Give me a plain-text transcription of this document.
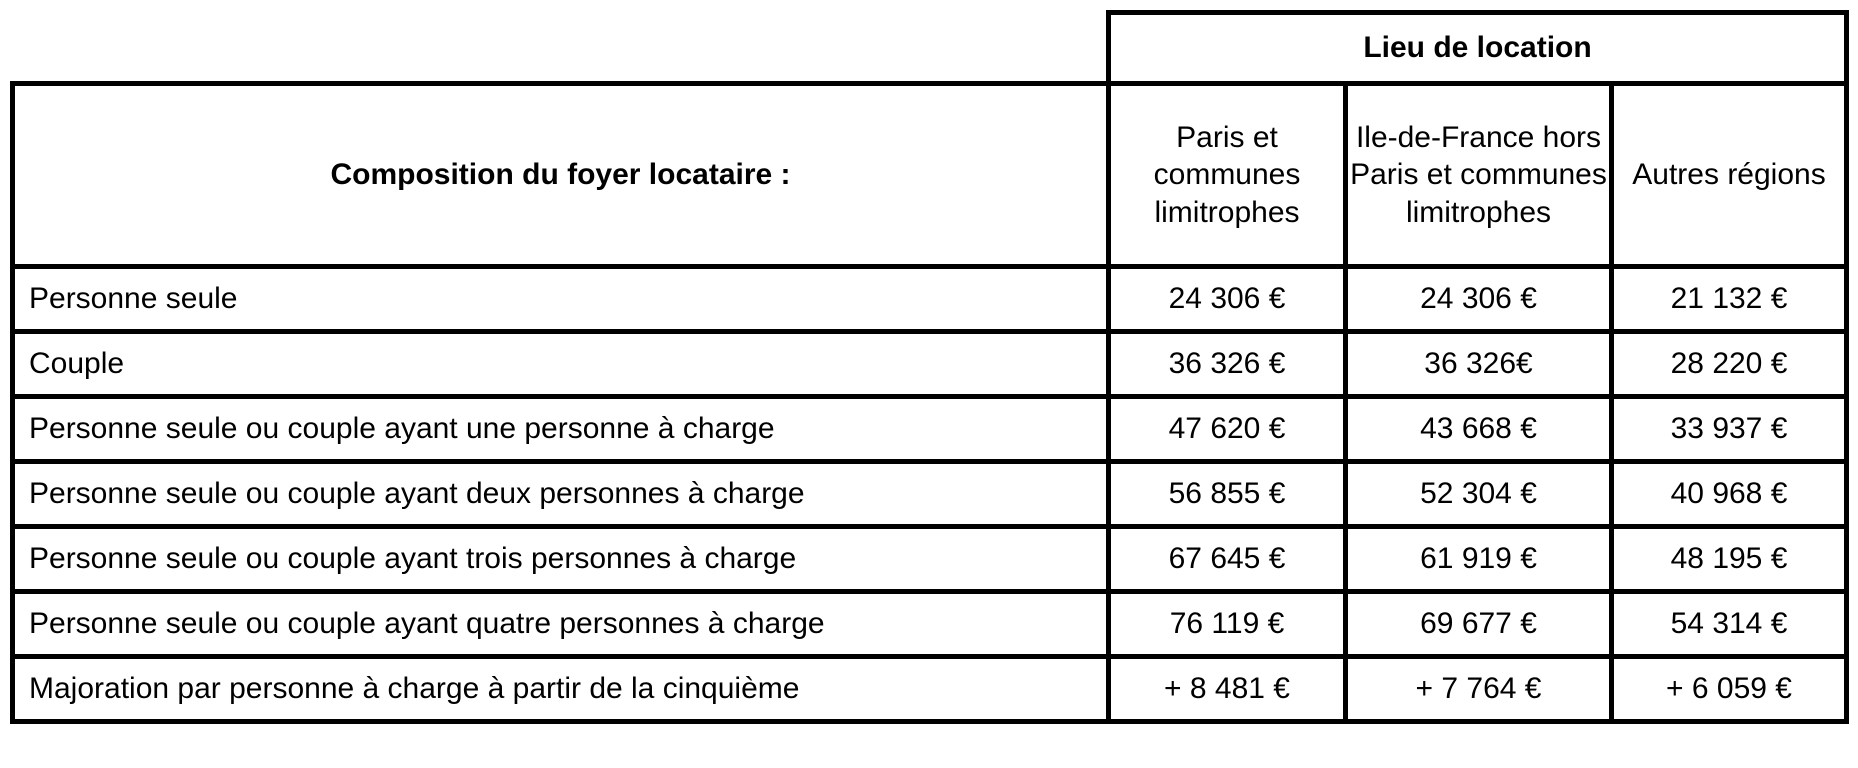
	Lieu de location		
Composition du foyer locataire :	Paris et communes limitrophes	Ile-de-France hors Paris et communes limitrophes	Autres régions
Personne seule	24 306 €	24 306 €	21 132 €
Couple	36 326 €	36 326€	28 220 €
Personne seule ou couple ayant une personne à charge	47 620 €	43 668 €	33 937 €
Personne seule ou couple ayant deux personnes à charge	56 855 €	52 304 €	40 968 €
Personne seule ou couple ayant trois personnes à charge	67 645 €	61 919 €	48 195 €
Personne seule ou couple ayant quatre personnes à charge	76 119 €	69 677 €	54 314 €
Majoration par personne à charge à partir de la cinquième	+ 8 481 €	+ 7 764 €	+ 6 059 €
